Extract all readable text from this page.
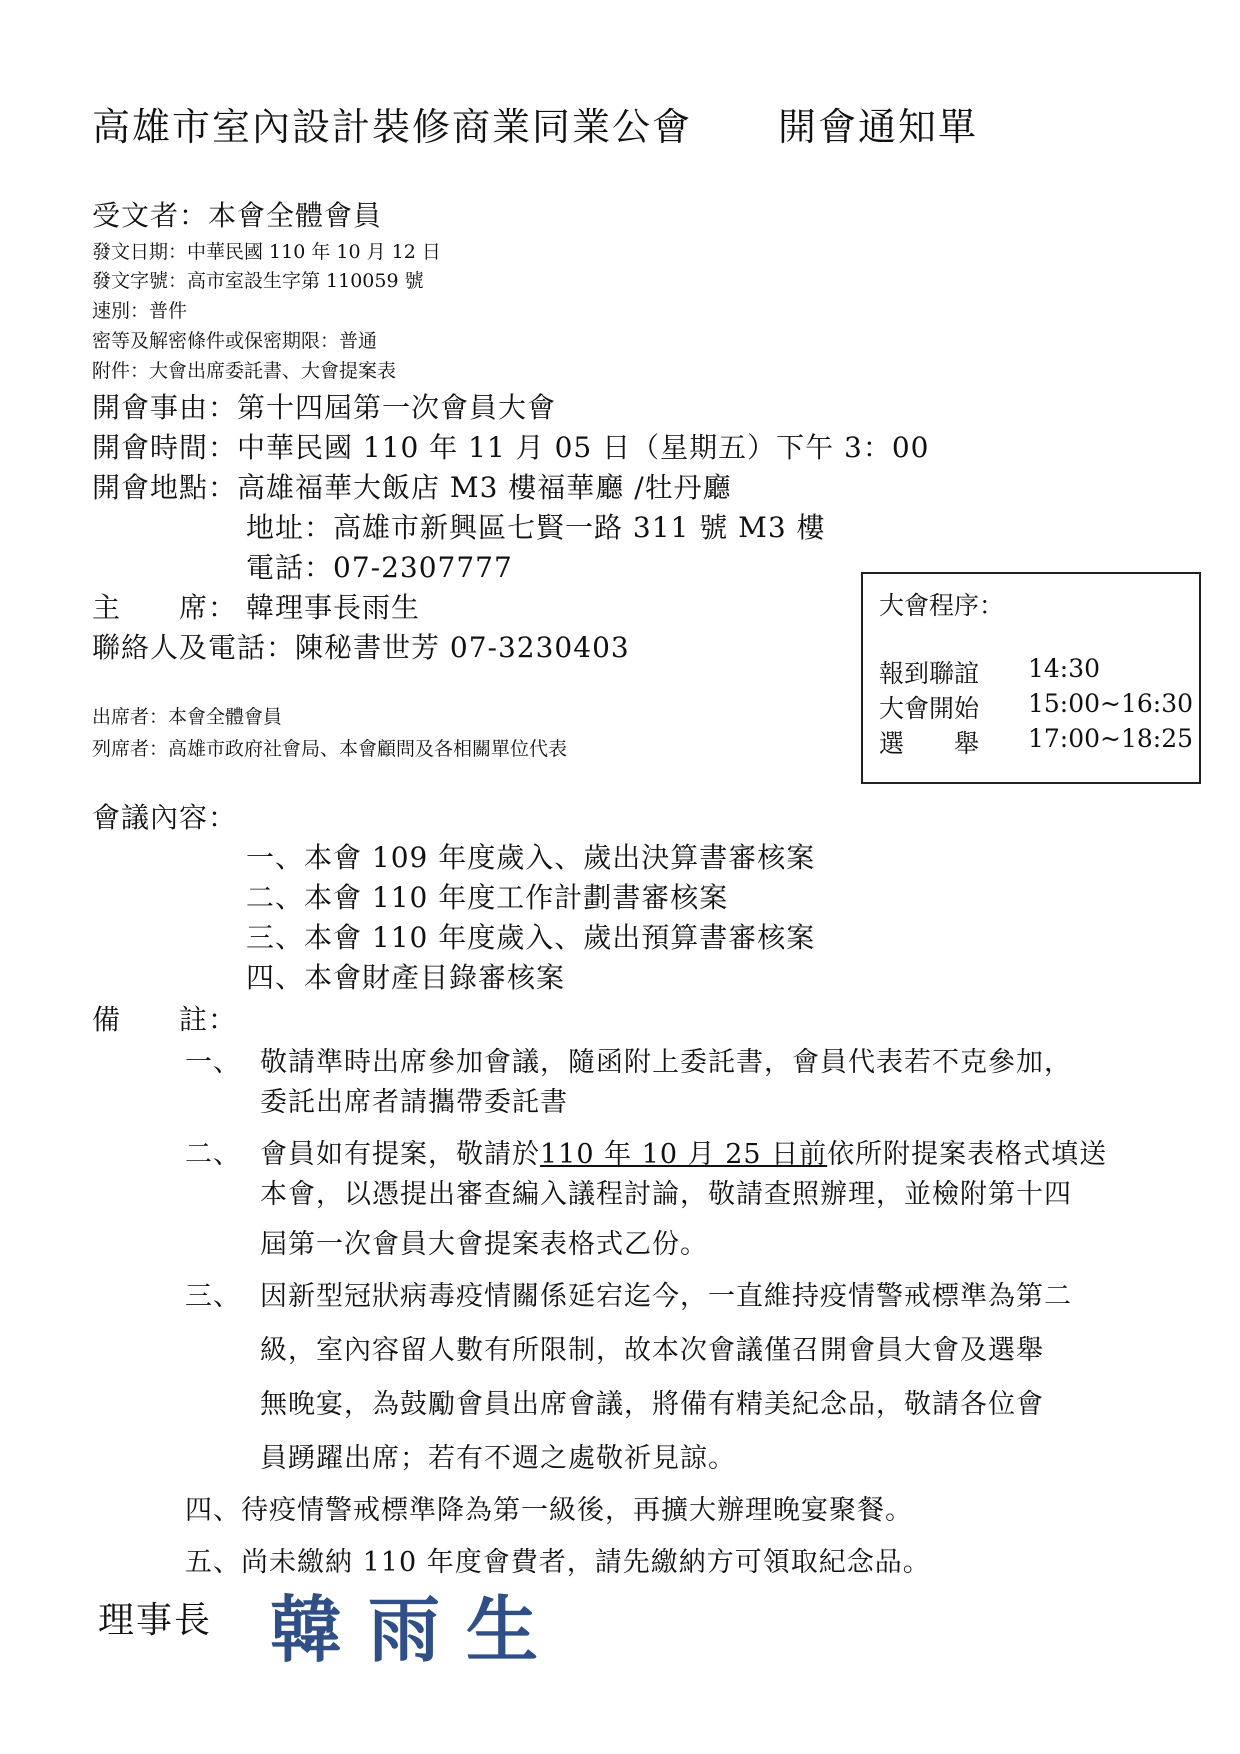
高雄市室內設計裝修商業同業公會 開會通知單
受文者：本會全體會員
發文日期：中華民國 110 年 10 月 12 日
發文字號：高市室設生字第 110059 號
速別：普件
密等及解密條件或保密期限：普通
附件：大會出席委託書、大會提案表
開會事由：第十四屆第一次會員大會
開會時間：中華民國 110 年 11 月 05 日（星期五）下午 3：00
開會地點：高雄福華大飯店 M3 樓福華廳 /牡丹廳
地址：高雄市新興區七賢一路 311 號 M3 樓
電話：07-2307777
主　　席： 韓理事長雨生
聯絡人及電話：陳秘書世芳 07-3230403
出席者：本會全體會員
列席者：高雄市政府社會局、本會顧問及各相關單位代表
大會程序：
報到聯誼 14:30
大會開始 15:00~16:30
選　　舉 17:00~18:25
會議內容：
一、本會 109 年度歲入、歲出決算書審核案
二、本會 110 年度工作計劃書審核案
三、本會 110 年度歲入、歲出預算書審核案
四、本會財產目錄審核案
備　　註：
一、 敬請準時出席參加會議，隨函附上委託書，會員代表若不克參加，
委託出席者請攜帶委託書
二、 會員如有提案，敬請於110 年 10 月 25 日前依所附提案表格式填送
本會，以憑提出審查編入議程討論，敬請查照辦理，並檢附第十四
屆第一次會員大會提案表格式乙份。
三、 因新型冠狀病毒疫情關係延宕迄今，一直維持疫情警戒標準為第二
級，室內容留人數有所限制，故本次會議僅召開會員大會及選舉
無晚宴，為鼓勵會員出席會議，將備有精美紀念品，敬請各位會
員踴躍出席；若有不週之處敬祈見諒。
四、待疫情警戒標準降為第一級後，再擴大辦理晚宴聚餐。
五、尚未繳納 110 年度會費者，請先繳納方可領取紀念品。
理事長 韓雨生
